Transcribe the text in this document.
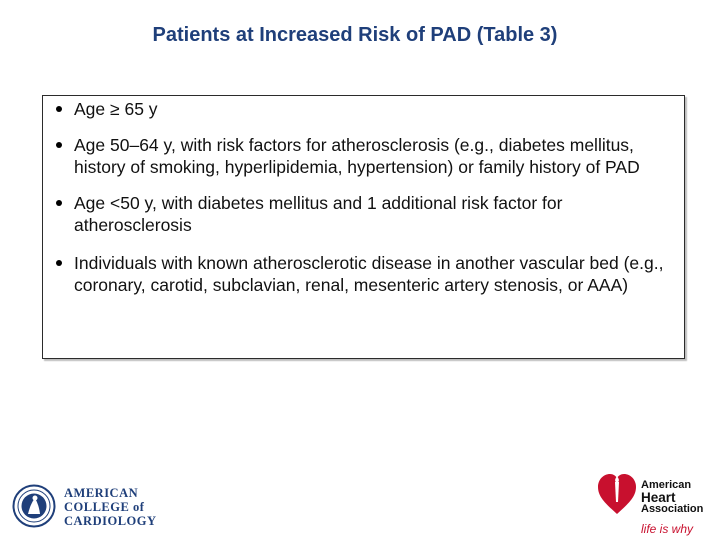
Patients at Increased Risk of PAD (Table 3)
Age ≥ 65 y
Age 50–64 y, with risk factors for atherosclerosis (e.g., diabetes mellitus, history of smoking, hyperlipidemia, hypertension) or family history of PAD
Age <50 y, with diabetes mellitus and 1 additional risk factor for atherosclerosis
Individuals with known atherosclerotic disease in another vascular bed (e.g., coronary, carotid, subclavian, renal, mesenteric artery stenosis, or AAA)
AMERICAN
COLLEGE of
CARDIOLOGY
American
Heart
Association
life is why
